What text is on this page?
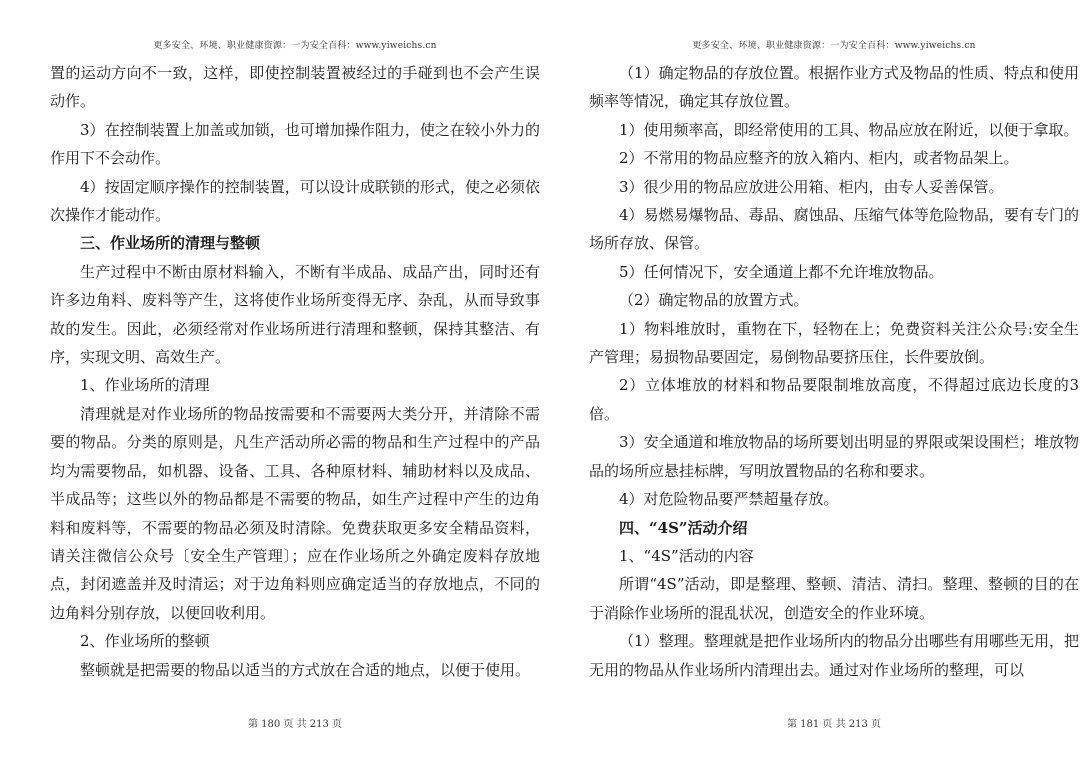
更多安全、环境、职业健康资源：一为安全百科：www.yiweichs.cn

置的运动方向不一致，这样，即使控制装置被经过的手碰到也不会产生误动作。

3）在控制装置上加盖或加锁，也可增加操作阻力，使之在较小外力的作用下不会动作。

4）按固定顺序操作的控制装置，可以设计成联锁的形式，使之必须依次操作才能动作。

三、作业场所的清理与整顿

生产过程中不断由原材料输入，不断有半成品、成品产出，同时还有许多边角料、废料等产生，这将使作业场所变得无序、杂乱，从而导致事故的发生。因此，必须经常对作业场所进行清理和整顿，保持其整洁、有序，实现文明、高效生产。

1、作业场所的清理

清理就是对作业场所的物品按需要和不需要两大类分开，并清除不需要的物品。分类的原则是，凡生产活动所必需的物品和生产过程中的产品均为需要物品，如机器、设备、工具、各种原材料、辅助材料以及成品、半成品等；这些以外的物品都是不需要的物品，如生产过程中产生的边角料和废料等，不需要的物品必须及时清除。免费获取更多安全精品资料，请关注微信公众号〔安全生产管理〕；应在作业场所之外确定废料存放地点，封闭遮盖并及时清运；对于边角料则应确定适当的存放地点，不同的边角料分别存放，以便回收利用。

2、作业场所的整顿

整顿就是把需要的物品以适当的方式放在合适的地点，以便于使用。

第 180 页 共 213 页
更多安全、环境、职业健康资源：一为安全百科：www.yiweichs.cn

（1）确定物品的存放位置。根据作业方式及物品的性质、特点和使用频率等情况，确定其存放位置。

1）使用频率高，即经常使用的工具、物品应放在附近，以便于拿取。

2）不常用的物品应整齐的放入箱内、柜内，或者物品架上。

3）很少用的物品应放进公用箱、柜内，由专人妥善保管。

4）易燃易爆物品、毒品、腐蚀品、压缩气体等危险物品，要有专门的场所存放、保管。

5）任何情况下，安全通道上都不允许堆放物品。

（2）确定物品的放置方式。

1）物料堆放时，重物在下，轻物在上；免费资料关注公众号:安全生产管理；易损物品要固定，易倒物品要挤压住，长件要放倒。

2）立体堆放的材料和物品要限制堆放高度，不得超过底边长度的3倍。

3）安全通道和堆放物品的场所要划出明显的界限或架设围栏；堆放物品的场所应悬挂标牌，写明放置物品的名称和要求。

4）对危险物品要严禁超量存放。

四、“4S”活动介绍

1、“4S”活动的内容

所谓“4S”活动，即是整理、整顿、清洁、清扫。整理、整顿的目的在于消除作业场所的混乱状况，创造安全的作业环境。

（1）整理。整理就是把作业场所内的物品分出哪些有用哪些无用，把无用的物品从作业场所内清理出去。通过对作业场所的整理，可以

第 181 页 共 213 页
